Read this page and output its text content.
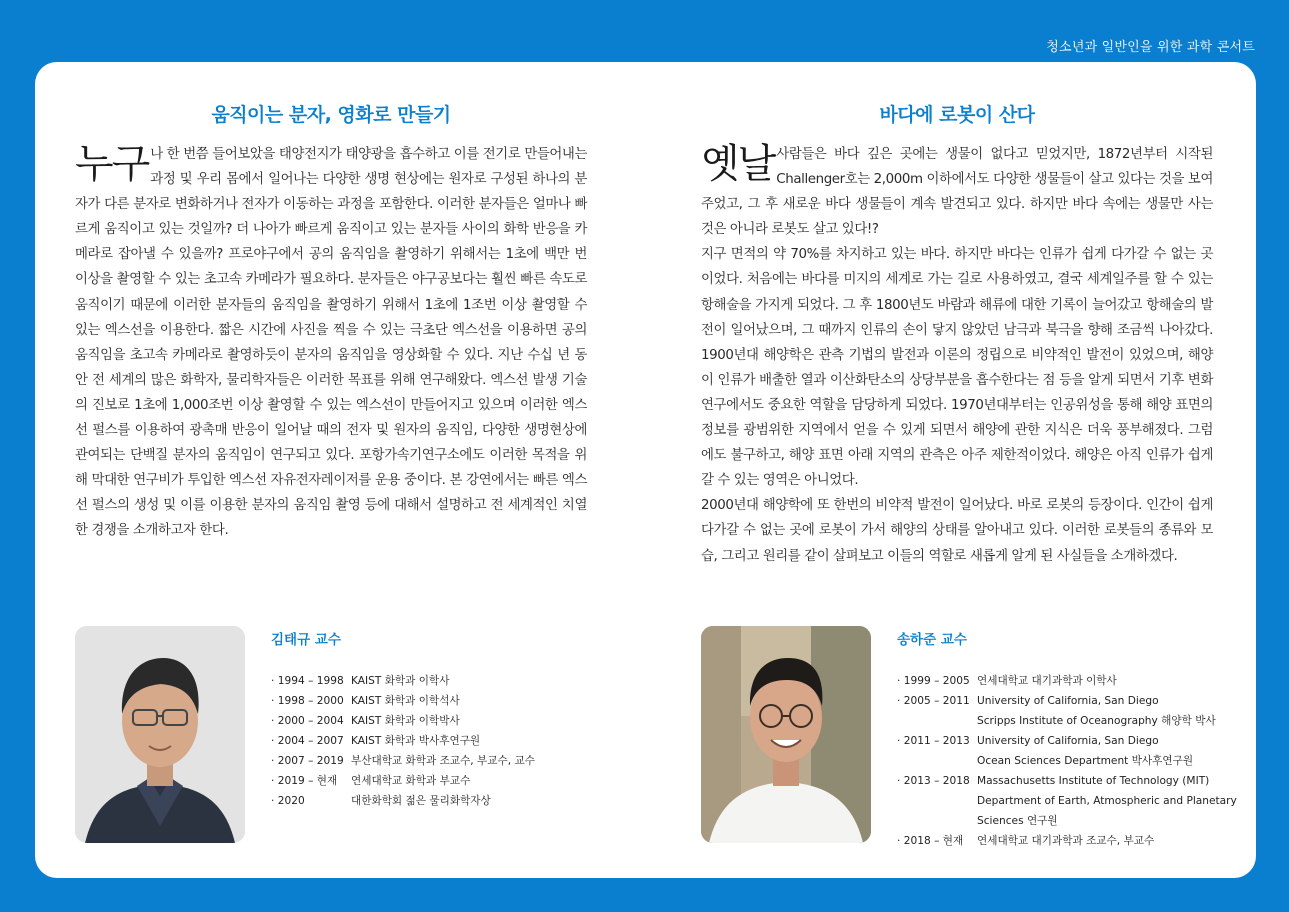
청소년과 일반인을 위한 과학 콘서트
움직이는 분자, 영화로 만들기
누구 나 한 번쯤 들어보았을 태양전지가 태양광을 흡수하고 이를 전기로 만들어내는 과정 및 우리 몸에서 일어나는 다양한 생명 현상에는 원자로 구성된 하나의 분자가 다른 분자로 변화하거나 전자가 이동하는 과정을 포함한다. 이러한 분자들은 얼마나 빠르게 움직이고 있는 것일까? 더 나아가 빠르게 움직이고 있는 분자들 사이의 화학 반응을 카메라로 잡아낼 수 있을까? 프로야구에서 공의 움직임을 촬영하기 위해서는 1초에 백만 번 이상을 촬영할 수 있는 초고속 카메라가 필요하다. 분자들은 야구공보다는 훨씬 빠른 속도로 움직이기 때문에 이러한 분자들의 움직임을 촬영하기 위해서 1초에 1조번 이상 촬영할 수 있는 엑스선을 이용한다. 짧은 시간에 사진을 찍을 수 있는 극초단 엑스선을 이용하면 공의 움직임을 초고속 카메라로 촬영하듯이 분자의 움직임을 영상화할 수 있다. 지난 수십 년 동안 전 세계의 많은 화학자, 물리학자들은 이러한 목표를 위해 연구해왔다. 엑스선 발생 기술의 진보로 1초에 1,000조번 이상 촬영할 수 있는 엑스선이 만들어지고 있으며 이러한 엑스선 펄스를 이용하여 광촉매 반응이 일어날 때의 전자 및 원자의 움직임, 다양한 생명현상에 관여되는 단백질 분자의 움직임이 연구되고 있다. 포항가속기연구소에도 이러한 목적을 위해 막대한 연구비가 투입한 엑스선 자유전자레이저를 운용 중이다. 본 강연에서는 빠른 엑스선 펄스의 생성 및 이를 이용한 분자의 움직임 촬영 등에 대해서 설명하고 전 세계적인 치열한 경쟁을 소개하고자 한다.

김태규 교수
· 1994 – 1998 KAIST 화학과 이학사
· 1998 – 2000 KAIST 화학과 이학석사
· 2000 – 2004 KAIST 화학과 이학박사
· 2004 – 2007 KAIST 화학과 박사후연구원
· 2007 – 2019 부산대학교 화학과 조교수, 부교수, 교수
· 2019 – 현재	연세대학교 화학과 부교수
· 2020	대한화학회 젊은 물리화학자상
바다에 로봇이 산다
옛날 사람들은 바다 깊은 곳에는 생물이 없다고 믿었지만, 1872년부터 시작된 Challenger호는 2,000m 이하에서도 다양한 생물들이 살고 있다는 것을 보여주었고, 그 후 새로운 바다 생물들이 계속 발견되고 있다. 하지만 바다 속에는 생물만 사는 것은 아니라 로봇도 살고 있다!?

지구 면적의 약 70%를 차지하고 있는 바다. 하지만 바다는 인류가 쉽게 다가갈 수 없는 곳이었다. 처음에는 바다를 미지의 세계로 가는 길로 사용하였고, 결국 세계일주를 할 수 있는 항해술을 가지게 되었다. 그 후 1800년도 바람과 해류에 대한 기록이 늘어갔고 항해술의 발전이 일어났으며, 그 때까지 인류의 손이 닿지 않았던 남극과 북극을 향해 조금씩 나아갔다. 1900년대 해양학은 관측 기법의 발전과 이론의 정립으로 비약적인 발전이 있었으며, 해양이 인류가 배출한 열과 이산화탄소의 상당부분을 흡수한다는 점 등을 알게 되면서 기후 변화 연구에서도 중요한 역할을 담당하게 되었다. 1970년대부터는 인공위성을 통해 해양 표면의 정보를 광범위한 지역에서 얻을 수 있게 되면서 해양에 관한 지식은 더욱 풍부해졌다. 그럼에도 불구하고, 해양 표면 아래 지역의 관측은 아주 제한적이었다. 해양은 아직 인류가 쉽게 갈 수 있는 영역은 아니었다.

2000년대 해양학에 또 한번의 비약적 발전이 일어났다. 바로 로봇의 등장이다. 인간이 쉽게 다가갈 수 없는 곳에 로봇이 가서 해양의 상태를 알아내고 있다. 이러한 로봇들의 종류와 모습, 그리고 원리를 같이 살펴보고 이들의 역할로 새롭게 알게 된 사실들을 소개하겠다.

송하준 교수
· 1999 – 2005 연세대학교 대기과학과 이학사
· 2005 – 2011 University of California, San Diego
Scripps Institute of Oceanography 해양학 박사
· 2011 – 2013 University of California, San Diego
Ocean Sciences Department 박사후연구원
· 2013 – 2018 Massachusetts Institute of Technology (MIT)
Department of Earth, Atmospheric and Planetary
Sciences 연구원
· 2018 – 현재	연세대학교 대기과학과 조교수, 부교수
